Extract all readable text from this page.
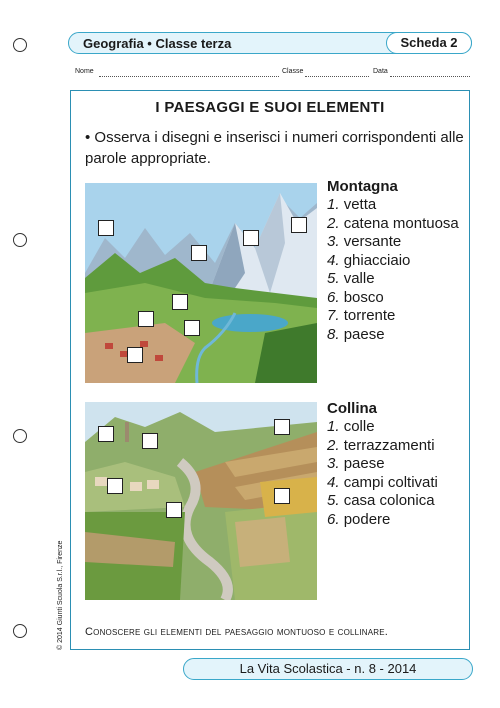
Geografia • Classe terza	Scheda 2
Nome	Classe	Data
I PAESAGGI E SUOI ELEMENTI
• Osserva i disegni e inserisci i numeri corrispondenti alle parole appropriate.
Montagna
1. vetta
2. catena montuosa
3. versante
4. ghiacciaio
5. valle
6. bosco
7. torrente
8. paese
Collina
1. colle
2. terrazzamenti
3. paese
4. campi coltivati
5. casa colonica
6. podere
Conoscere gli elementi del paesaggio montuoso e collinare.
© 2014 Giunti Scuola S.r.l., Firenze
La Vita Scolastica - n. 8 - 2014
